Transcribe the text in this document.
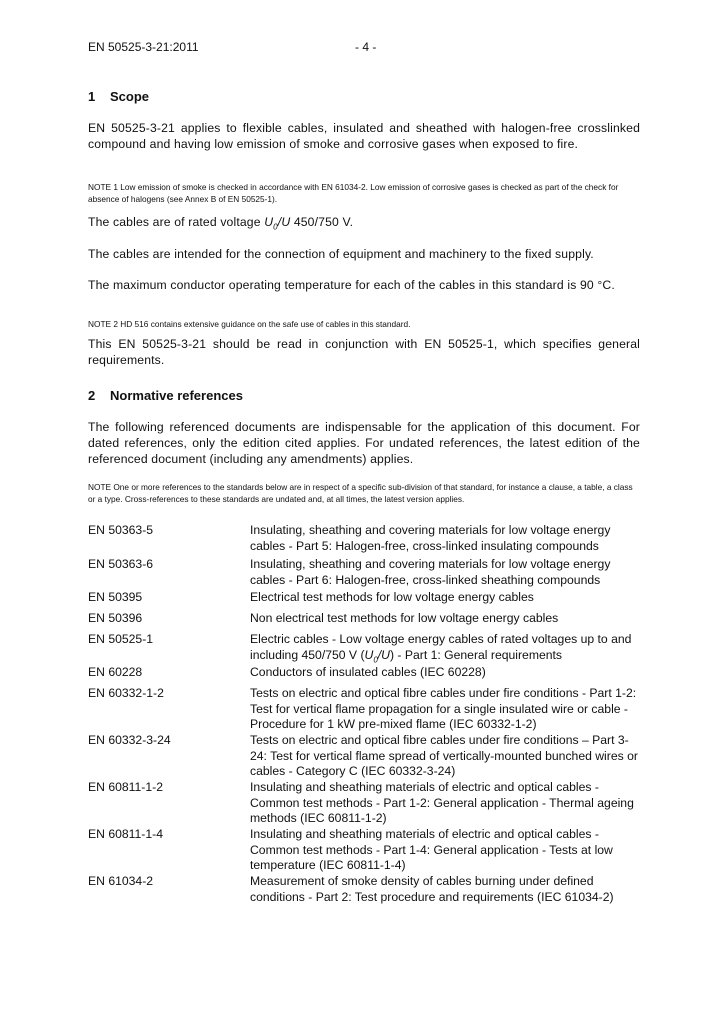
EN 50525-3-21:2011	- 4 -
1 Scope
EN 50525-3-21 applies to flexible cables, insulated and sheathed with halogen-free crosslinked compound and having low emission of smoke and corrosive gases when exposed to fire.
NOTE 1 Low emission of smoke is checked in accordance with EN 61034-2. Low emission of corrosive gases is checked as part of the check for absence of halogens (see Annex B of EN 50525-1).
The cables are of rated voltage $U_0/U$ 450/750 V.
The cables are intended for the connection of equipment and machinery to the fixed supply.
The maximum conductor operating temperature for each of the cables in this standard is 90 °C.
NOTE 2 HD 516 contains extensive guidance on the safe use of cables in this standard.
This EN 50525-3-21 should be read in conjunction with EN 50525-1, which specifies general requirements.
2 Normative references
The following referenced documents are indispensable for the application of this document. For dated references, only the edition cited applies. For undated references, the latest edition of the referenced document (including any amendments) applies.
NOTE One or more references to the standards below are in respect of a specific sub-division of that standard, for instance a clause, a table, a class or a type. Cross-references to these standards are undated and, at all times, the latest version applies.
EN 50363-5	Insulating, sheathing and covering materials for low voltage energy cables - Part 5: Halogen-free, cross-linked insulating compounds
EN 50363-6	Insulating, sheathing and covering materials for low voltage energy cables - Part 6: Halogen-free, cross-linked sheathing compounds
EN 50395	Electrical test methods for low voltage energy cables
EN 50396	Non electrical test methods for low voltage energy cables
EN 50525-1	Electric cables - Low voltage energy cables of rated voltages up to and including 450/750 V $(U_0/U)$ - Part 1: General requirements
EN 60228	Conductors of insulated cables (IEC 60228)
EN 60332-1-2	Tests on electric and optical fibre cables under fire conditions - Part 1-2: Test for vertical flame propagation for a single insulated wire or cable - Procedure for 1 kW pre-mixed flame (IEC 60332-1-2)
EN 60332-3-24	Tests on electric and optical fibre cables under fire conditions – Part 3-24: Test for vertical flame spread of vertically-mounted bunched wires or cables - Category C (IEC 60332-3-24)
EN 60811-1-2	Insulating and sheathing materials of electric and optical cables - Common test methods - Part 1-2: General application - Thermal ageing methods (IEC 60811-1-2)
EN 60811-1-4	Insulating and sheathing materials of electric and optical cables - Common test methods - Part 1-4: General application - Tests at low temperature (IEC 60811-1-4)
EN 61034-2	Measurement of smoke density of cables burning under defined conditions - Part 2: Test procedure and requirements (IEC 61034-2)
